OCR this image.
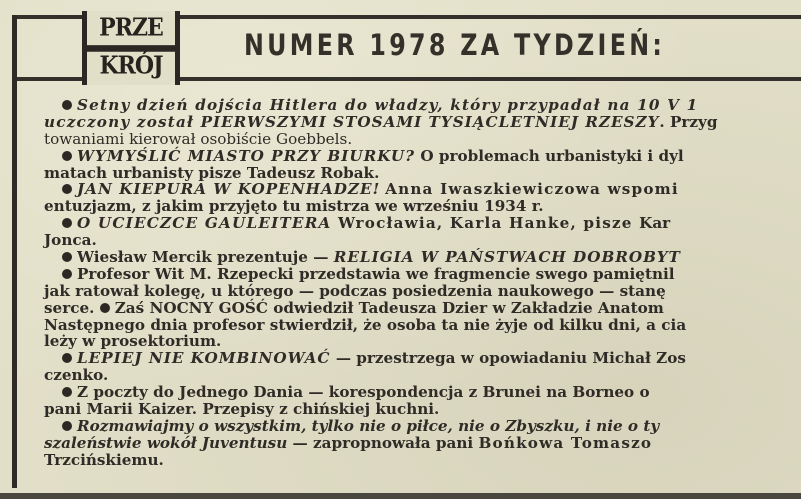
PRZE
KRÓJ
NUMER 1978 ZA TYDZIEŃ:
Setny dzień dojścia Hitlera do władzy, który przypadał na 10 V 1
uczczony został PIERWSZYMI STOSAMI TYSIĄCLETNIEJ RZESZY. Przyg
towaniami kierował osobiście Goebbels.
WYMYŚLIĆ MIASTO PRZY BIURKU? O problemach urbanistyki i dyl
matach urbanisty pisze Tadeusz Robak.
JAN KIEPURA W KOPENHADZE! Anna Iwaszkiewiczowa wspomi
entuzjazm, z jakim przyjęto tu mistrza we wrześniu 1934 r.
O UCIECZCE GAULEITERA Wrocławia, Karla Hanke, pisze Kar
Jonca.
Wiesław Mercik prezentuje — RELIGIA W PAŃSTWACH DOBROBYT
Profesor Wit M. Rzepecki przedstawia we fragmencie swego pamiętnil
jak ratował kolegę, u którego — podczas posiedzenia naukowego — stanę
serce. Zaś NOCNY GOŚĆ odwiedził Tadeusza Dzier w Zakładzie Anatom
Następnego dnia profesor stwierdził, że osoba ta nie żyje od kilku dni, a cia
leży w prosektorium.
LEPIEJ NIE KOMBINOWAĆ — przestrzega w opowiadaniu Michał Zos
czenko.
Z poczty do Jednego Dania — korespondencja z Brunei na Borneo o
pani Marii Kaizer. Przepisy z chińskiej kuchni.
Rozmawiajmy o wszystkim, tylko nie o piłce, nie o Zbyszku, i nie o ty
szaleństwie wokół Juventusu — zapropnowała pani Bońkowa Tomaszo
Trzcińskiemu.
